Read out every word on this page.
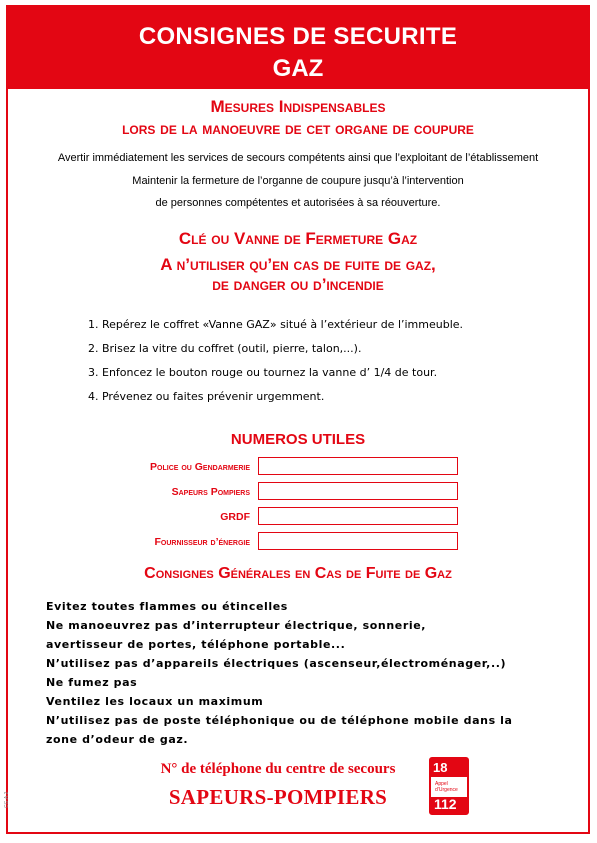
CONSIGNES DE SECURITE
GAZ
Mesures Indispensables
lors de la manoeuvre de cet organe de coupure
Avertir immédiatement les services de secours compétents ainsi que l’exploitant de l’établissement
Maintenir la fermeture de l’organne de coupure jusqu’à l’intervention
de personnes compétentes et autorisées à sa réouverture.
Clé ou Vanne de Fermeture Gaz
A n’utiliser qu’en cas de fuite de gaz,
de danger ou d’incendie
1. Repérez le coffret «Vanne GAZ» situé à l’extérieur de l’immeuble.
2. Brisez la vitre du coffret (outil, pierre, talon,...).
3. Enfoncez le bouton rouge ou tournez la vanne d’ 1/4 de tour.
4. Prévenez ou faites prévenir urgemment.
NUMEROS UTILES
Police ou Gendarmerie
Sapeurs Pompiers
GRDF
Fournisseur d’énergie
Consignes Générales en Cas de Fuite de Gaz
Evitez toutes flammes ou étincelles
Ne manoeuvrez pas d’interrupteur électrique, sonnerie,
avertisseur de portes, téléphone portable...
N’utilisez pas d’appareils électriques (ascenseur,électroménager,..)
Ne fumez pas
Ventilez les locaux un maximum
N’utilisez pas de poste téléphonique ou de téléphone mobile dans la
zone d’odeur de gaz.
N° de téléphone du centre de secours
SAPEURS-POMPIERS
18
Appel d’Urgence
112
CG.A.2
